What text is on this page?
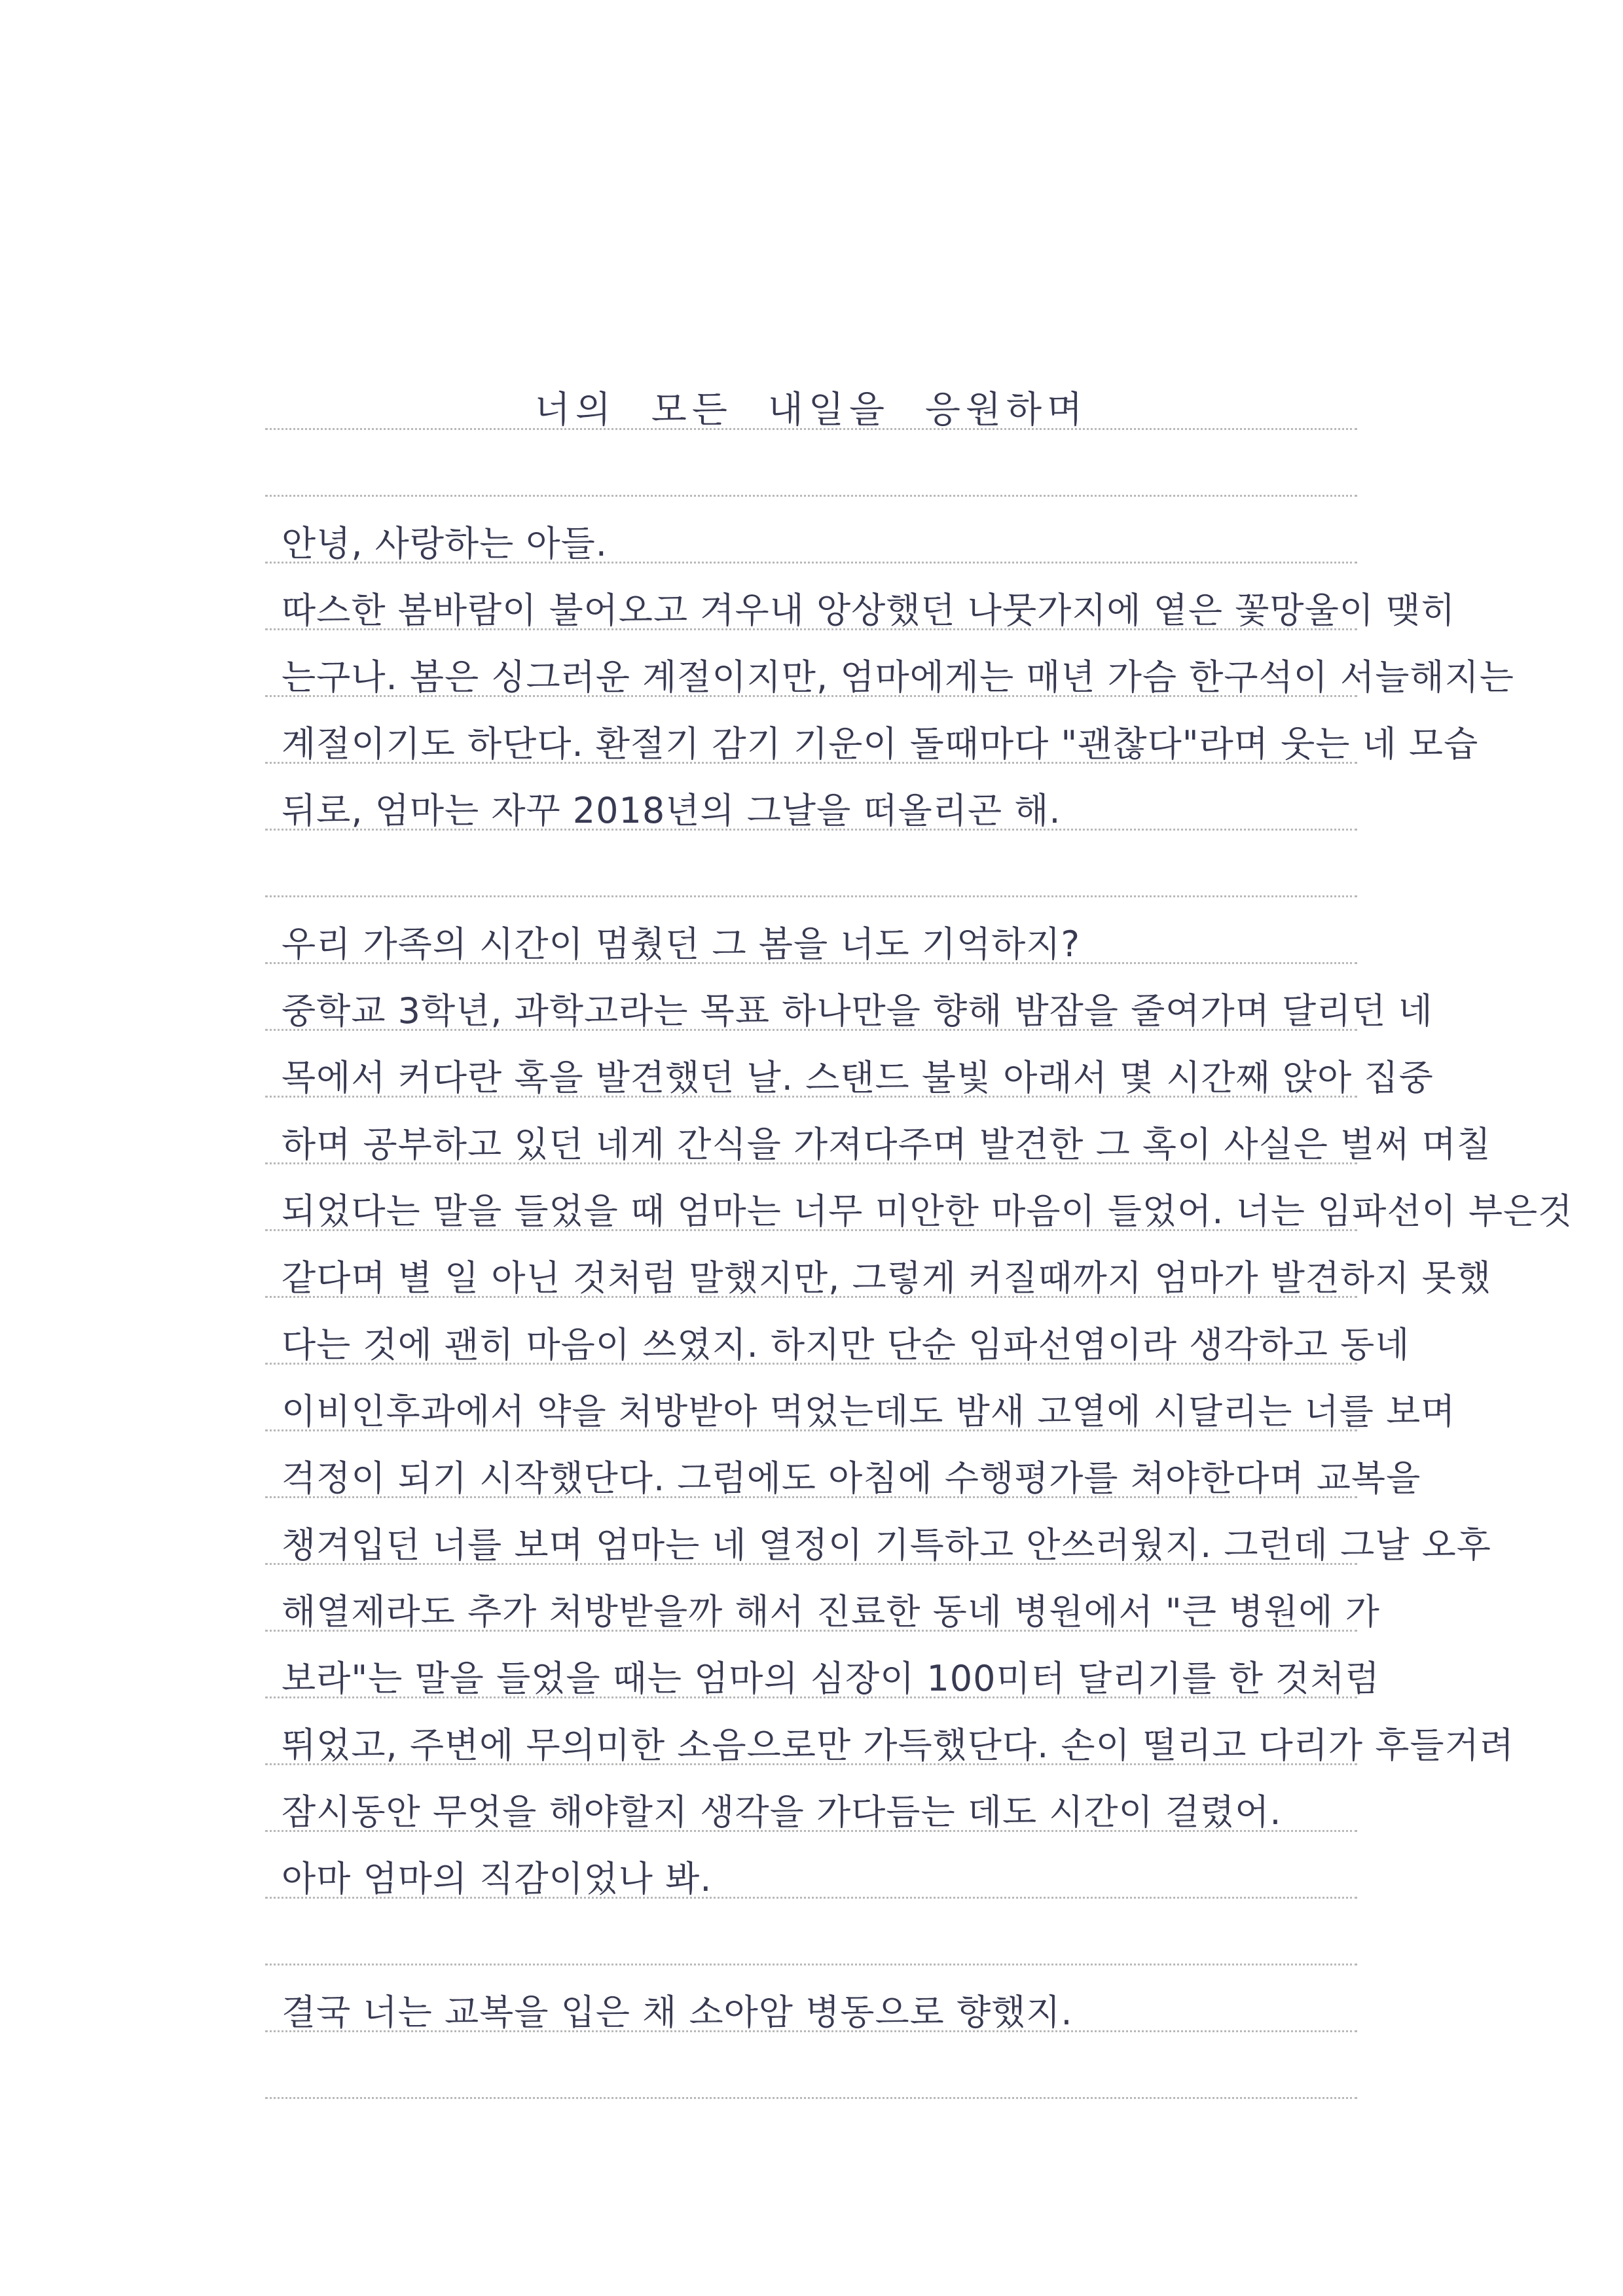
너의 모든 내일을 응원하며
안녕, 사랑하는 아들.
따스한 봄바람이 불어오고 겨우내 앙상했던 나뭇가지에 옅은 꽃망울이 맺히
는구나. 봄은 싱그러운 계절이지만, 엄마에게는 매년 가슴 한구석이 서늘해지는
계절이기도 하단다. 환절기 감기 기운이 돌때마다 "괜찮다"라며 웃는 네 모습
뒤로, 엄마는 자꾸 2018년의 그날을 떠올리곤 해.
우리 가족의 시간이 멈췄던 그 봄을 너도 기억하지?
중학교 3학년, 과학고라는 목표 하나만을 향해 밤잠을 줄여가며 달리던 네
목에서 커다란 혹을 발견했던 날. 스탠드 불빛 아래서 몇 시간째 앉아 집중
하며 공부하고 있던 네게 간식을 가져다주며 발견한 그 혹이 사실은 벌써 며칠
되었다는 말을 들었을 때 엄마는 너무 미안한 마음이 들었어. 너는 임파선이 부은것
같다며 별 일 아닌 것처럼 말했지만, 그렇게 커질때까지 엄마가 발견하지 못했
다는 것에 괜히 마음이 쓰였지. 하지만 단순 임파선염이라 생각하고 동네
이비인후과에서 약을 처방받아 먹었는데도 밤새 고열에 시달리는 너를 보며
걱정이 되기 시작했단다. 그럼에도 아침에 수행평가를 쳐야한다며 교복을
챙겨입던 너를 보며 엄마는 네 열정이 기특하고 안쓰러웠지. 그런데 그날 오후
해열제라도 추가 처방받을까 해서 진료한 동네 병원에서 "큰 병원에 가
보라"는 말을 들었을 때는 엄마의 심장이 100미터 달리기를 한 것처럼
뛰었고, 주변에 무의미한 소음으로만 가득했단다. 손이 떨리고 다리가 후들거려
잠시동안 무엇을 해야할지 생각을 가다듬는 데도 시간이 걸렸어.
아마 엄마의 직감이었나 봐.
결국 너는 교복을 입은 채 소아암 병동으로 향했지.
